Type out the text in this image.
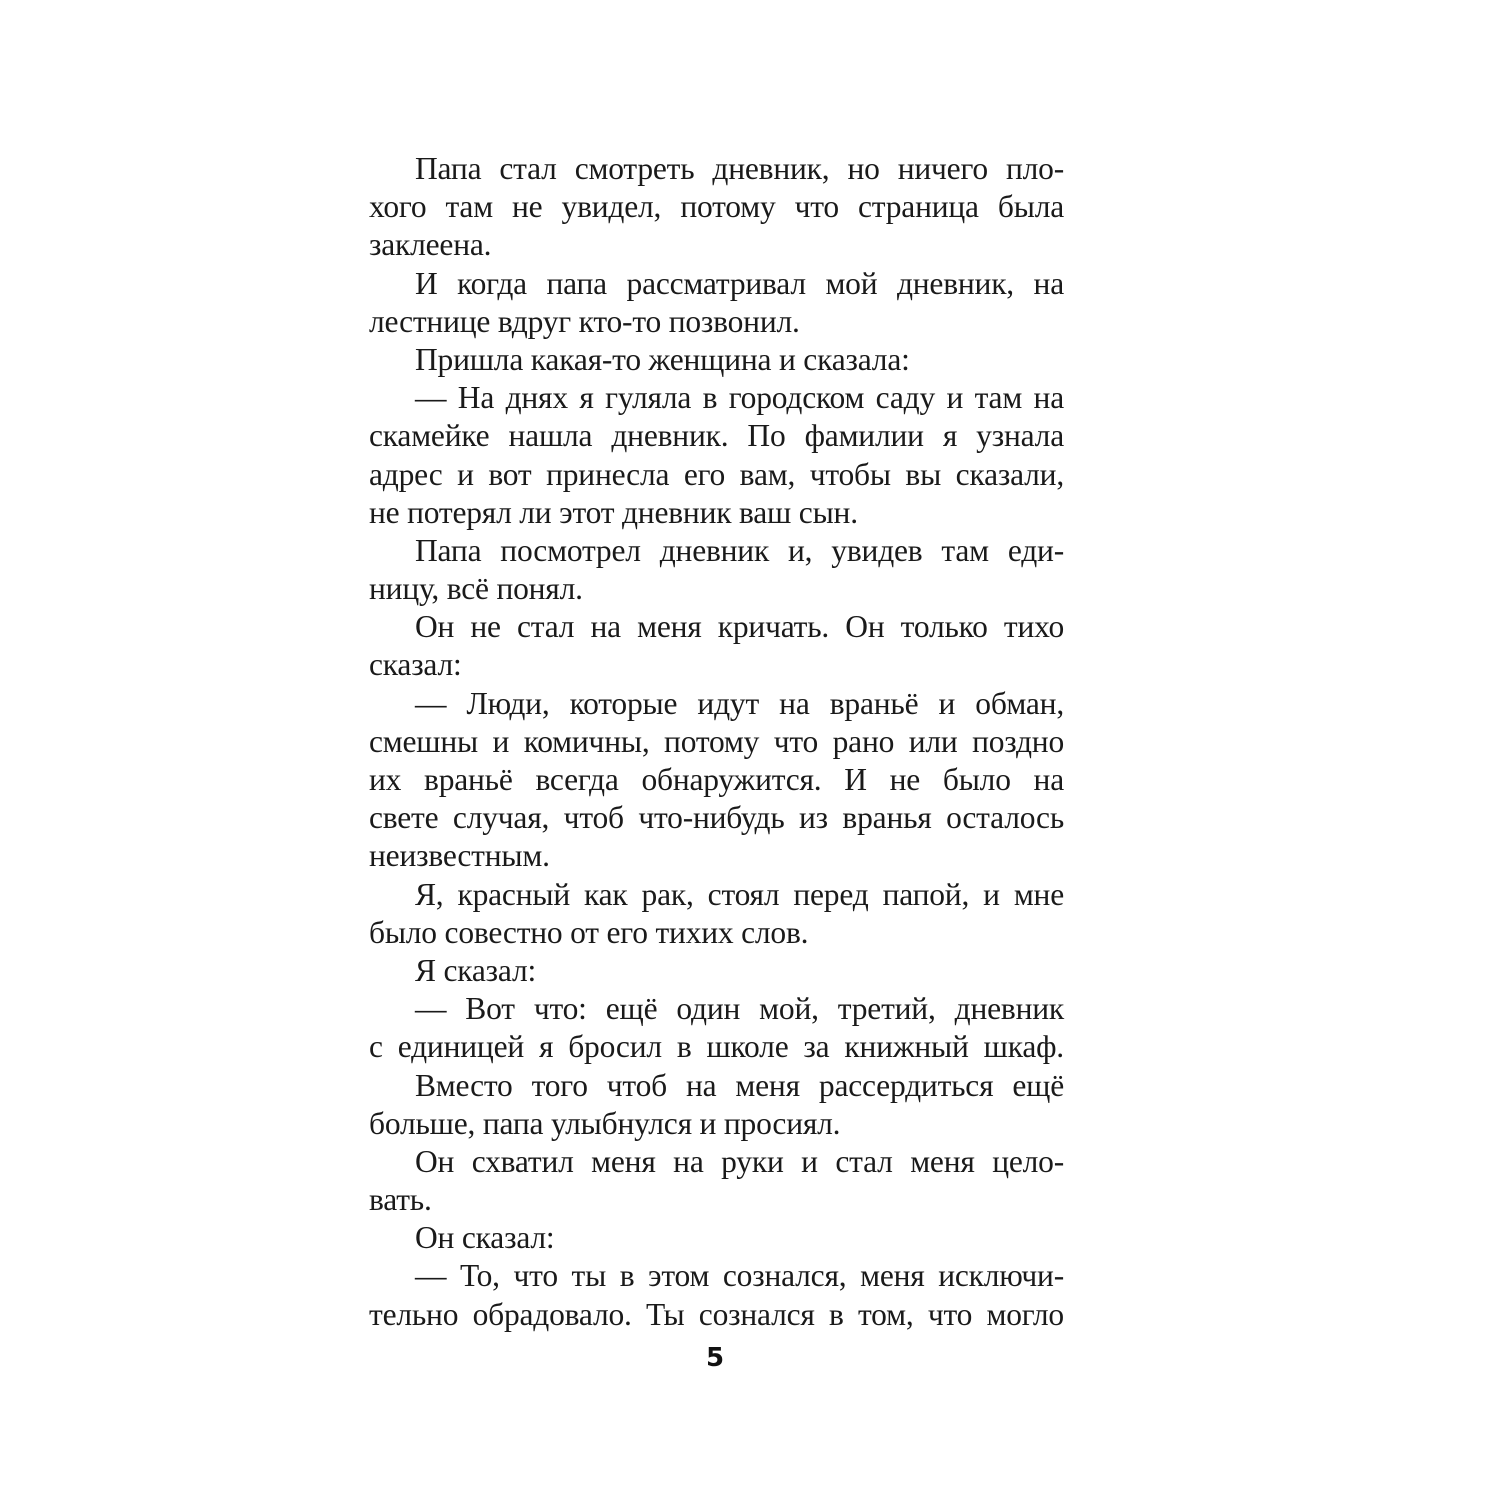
Папа стал смотреть дневник, но ничего пло-
хого там не увидел, потому что страница была
заклеена.
И когда папа рассматривал мой дневник, на
лестнице вдруг кто-то позвонил.
Пришла какая-то женщина и сказала:
— На днях я гуляла в городском саду и там на
скамейке нашла дневник. По фамилии я узнала
адрес и вот принесла его вам, чтобы вы сказали,
не потерял ли этот дневник ваш сын.
Папа посмотрел дневник и, увидев там еди-
ницу, всё понял.
Он не стал на меня кричать. Он только тихо
сказал:
— Люди, которые идут на враньё и обман,
смешны и комичны, потому что рано или поздно
их враньё всегда обнаружится. И не было на
свете случая, чтоб что-нибудь из вранья осталось
неизвестным.
Я, красный как рак, стоял перед папой, и мне
было совестно от его тихих слов.
Я сказал:
— Вот что: ещё один мой, третий, дневник
с единицей я бросил в школе за книжный шкаф.
Вместо того чтоб на меня рассердиться ещё
больше, папа улыбнулся и просиял.
Он схватил меня на руки и стал меня цело-
вать.
Он сказал:
— То, что ты в этом сознался, меня исключи-
тельно обрадовало. Ты сознался в том, что могло
5
